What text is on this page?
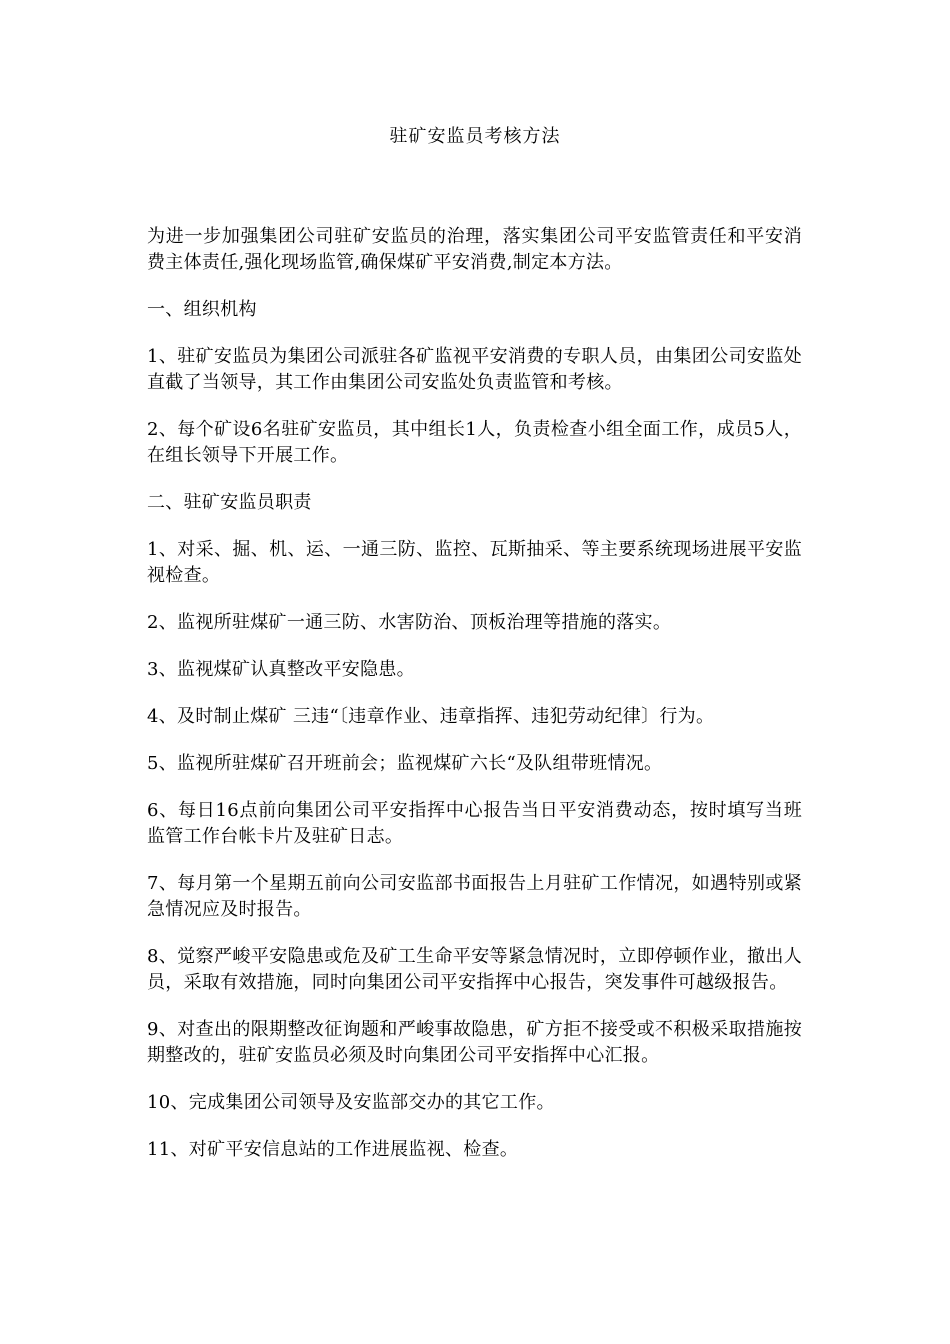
驻矿安监员考核方法

为进一步加强集团公司驻矿安监员的治理，落实集团公司平安监管责任和平安消费主体责任,强化现场监管,确保煤矿平安消费,制定本方法。

一、组织机构

1、驻矿安监员为集团公司派驻各矿监视平安消费的专职人员，由集团公司安监处直截了当领导，其工作由集团公司安监处负责监管和考核。

2、每个矿设6名驻矿安监员，其中组长1人，负责检查小组全面工作，成员5人，在组长领导下开展工作。

二、驻矿安监员职责

1、对采、掘、机、运、一通三防、监控、瓦斯抽采、等主要系统现场进展平安监视检查。

2、监视所驻煤矿一通三防、水害防治、顶板治理等措施的落实。

3、监视煤矿认真整改平安隐患。

4、及时制止煤矿 三违“〔违章作业、违章指挥、违犯劳动纪律〕行为。

5、监视所驻煤矿召开班前会；监视煤矿六长“及队组带班情况。

6、每日16点前向集团公司平安指挥中心报告当日平安消费动态，按时填写当班监管工作台帐卡片及驻矿日志。

7、每月第一个星期五前向公司安监部书面报告上月驻矿工作情况，如遇特别或紧急情况应及时报告。

8、觉察严峻平安隐患或危及矿工生命平安等紧急情况时，立即停顿作业，撤出人员，采取有效措施，同时向集团公司平安指挥中心报告，突发事件可越级报告。

9、对查出的限期整改征询题和严峻事故隐患，矿方拒不接受或不积极采取措施按期整改的，驻矿安监员必须及时向集团公司平安指挥中心汇报。

10、完成集团公司领导及安监部交办的其它工作。

11、对矿平安信息站的工作进展监视、检查。
